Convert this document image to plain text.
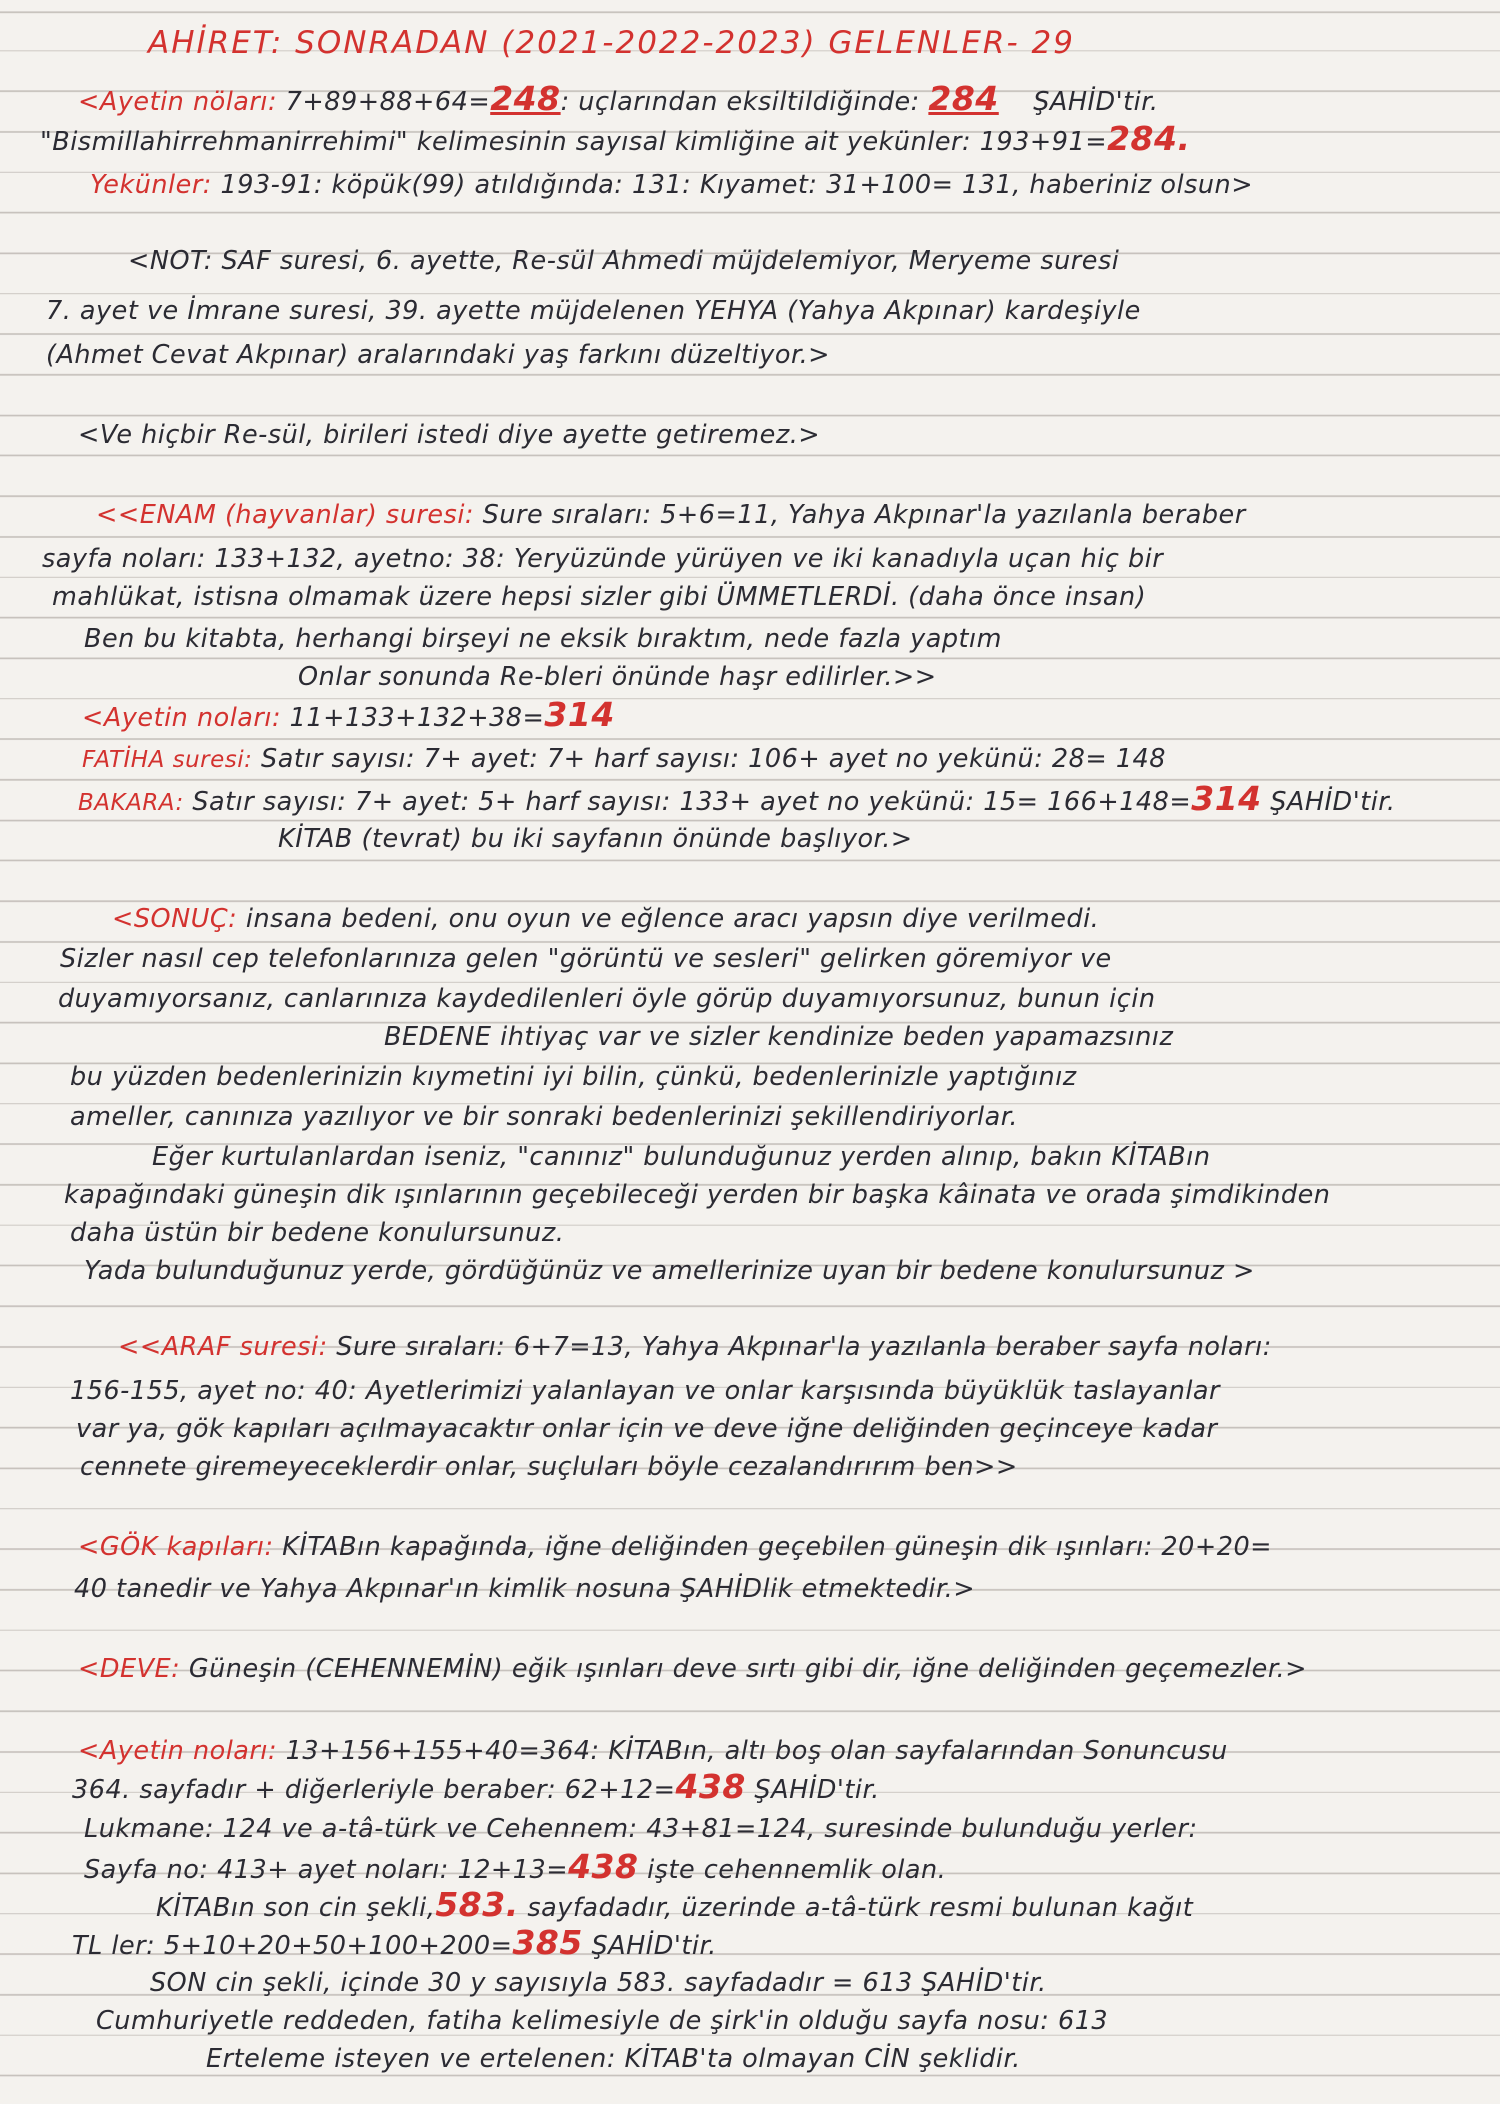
AHİRET: SONRADAN (2021-2022-2023) GELENLER- 29
<Ayetin nöları: 7+89+88+64=248: uçlarından eksiltildiğinde: 284 ŞAHİD'tir.
"Bismillahirrehmanirrehimi" kelimesinin sayısal kimliğine ait yekünler: 193+91=284.
Yekünler: 193-91: köpük(99) atıldığında: 131: Kıyamet: 31+100= 131, haberiniz olsun>
<NOT: SAF suresi, 6. ayette, Re-sül Ahmedi müjdelemiyor, Meryeme suresi
7. ayet ve İmrane suresi, 39. ayette müjdelenen YEHYA (Yahya Akpınar) kardeşiyle
(Ahmet Cevat Akpınar) aralarındaki yaş farkını düzeltiyor.>
<Ve hiçbir Re-sül, birileri istedi diye ayette getiremez.>
<<ENAM (hayvanlar) suresi: Sure sıraları: 5+6=11, Yahya Akpınar'la yazılanla beraber
sayfa noları: 133+132, ayetno: 38: Yeryüzünde yürüyen ve iki kanadıyla uçan hiç bir
mahlükat, istisna olmamak üzere hepsi sizler gibi ÜMMETLERDİ. (daha önce insan)
Ben bu kitabta, herhangi birşeyi ne eksik bıraktım, nede fazla yaptım
Onlar sonunda Re-bleri önünde haşr edilirler.>>
<Ayetin noları: 11+133+132+38=314
FATİHA suresi: Satır sayısı: 7+ ayet: 7+ harf sayısı: 106+ ayet no yekünü: 28= 148
BAKARA: Satır sayısı: 7+ ayet: 5+ harf sayısı: 133+ ayet no yekünü: 15= 166+148=314 ŞAHİD'tir.
KİTAB (tevrat) bu iki sayfanın önünde başlıyor.>
<SONUÇ: insana bedeni, onu oyun ve eğlence aracı yapsın diye verilmedi.
Sizler nasıl cep telefonlarınıza gelen "görüntü ve sesleri" gelirken göremiyor ve
duyamıyorsanız, canlarınıza kaydedilenleri öyle görüp duyamıyorsunuz, bunun için
BEDENE ihtiyaç var ve sizler kendinize beden yapamazsınız
bu yüzden bedenlerinizin kıymetini iyi bilin, çünkü, bedenlerinizle yaptığınız
ameller, canınıza yazılıyor ve bir sonraki bedenlerinizi şekillendiriyorlar.
Eğer kurtulanlardan iseniz, "canınız" bulunduğunuz yerden alınıp, bakın KİTABın
kapağındaki güneşin dik ışınlarının geçebileceği yerden bir başka kâinata ve orada şimdikinden
daha üstün bir bedene konulursunuz.
Yada bulunduğunuz yerde, gördüğünüz ve amellerinize uyan bir bedene konulursunuz >
<<ARAF suresi: Sure sıraları: 6+7=13, Yahya Akpınar'la yazılanla beraber sayfa noları:
156-155, ayet no: 40: Ayetlerimizi yalanlayan ve onlar karşısında büyüklük taslayanlar
var ya, gök kapıları açılmayacaktır onlar için ve deve iğne deliğinden geçinceye kadar
cennete giremeyeceklerdir onlar, suçluları böyle cezalandırırım ben>>
<GÖK kapıları: KİTABın kapağında, iğne deliğinden geçebilen güneşin dik ışınları: 20+20=
40 tanedir ve Yahya Akpınar'ın kimlik nosuna ŞAHİDlik etmektedir.>
<DEVE: Güneşin (CEHENNEMİN) eğik ışınları deve sırtı gibi dir, iğne deliğinden geçemezler.>
<Ayetin noları: 13+156+155+40=364: KİTABın, altı boş olan sayfalarından Sonuncusu
364. sayfadır + diğerleriyle beraber: 62+12=438 ŞAHİD'tir.
Lukmane: 124 ve a-tâ-türk ve Cehennem: 43+81=124, suresinde bulunduğu yerler:
Sayfa no: 413+ ayet noları: 12+13=438 işte cehennemlik olan.
KİTABın son cin şekli,583. sayfadadır, üzerinde a-tâ-türk resmi bulunan kağıt
TL ler: 5+10+20+50+100+200=385 ŞAHİD'tir.
SON cin şekli, içinde 30 y sayısıyla 583. sayfadadır = 613 ŞAHİD'tir.
Cumhuriyetle reddeden, fatiha kelimesiyle de şirk'in olduğu sayfa nosu: 613
Erteleme isteyen ve ertelenen: KİTAB'ta olmayan CİN şeklidir.
